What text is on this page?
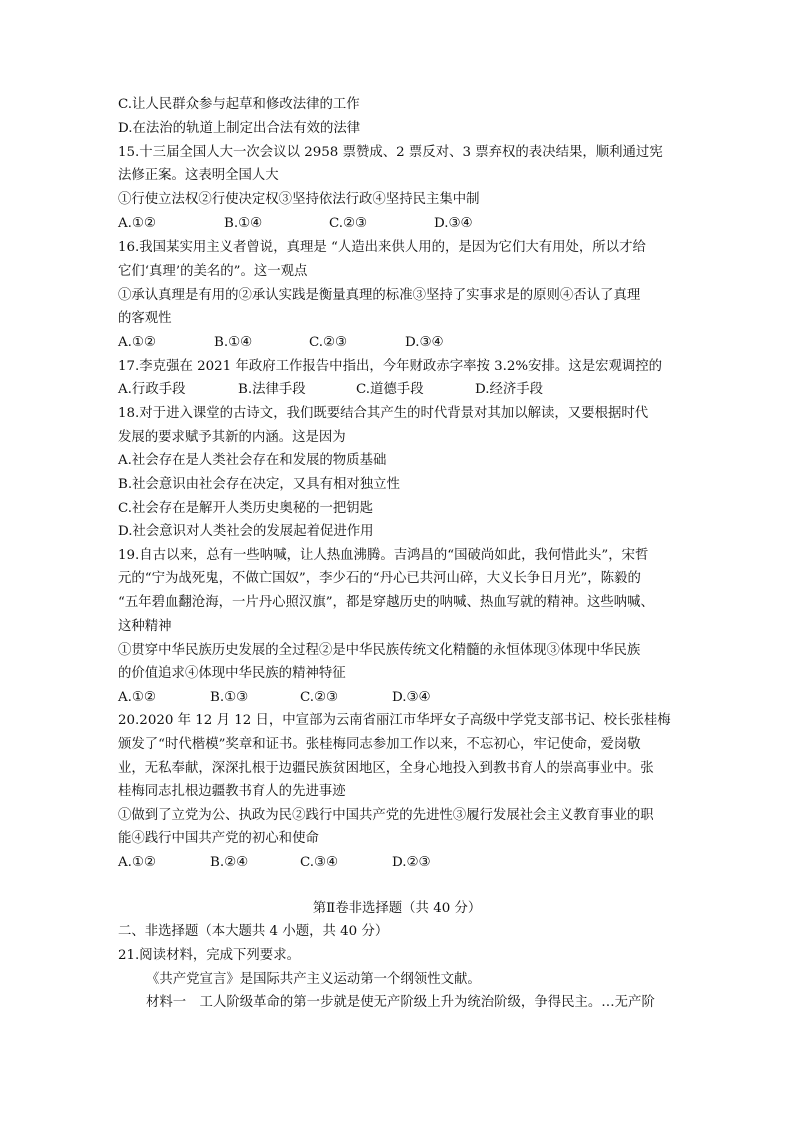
C.让人民群众参与起草和修改法律的工作
D.在法治的轨道上制定出合法有效的法律
15.十三届全国人大一次会议以 2958 票赞成、2 票反对、3 票弃权的表决结果，顺利通过宪
法修正案。这表明全国人大
①行使立法权②行使决定权③坚持依法行政④坚持民主集中制
A.①②	B.①④	C.②③	D.③④
16.我国某实用主义者曾说，真理是 “人造出来供人用的，是因为它们大有用处，所以才给
它们‘真理’的美名的”。这一观点
①承认真理是有用的②承认实践是衡量真理的标准③坚持了实事求是的原则④否认了真理
的客观性
A.①②	B.①④	C.②③	D.③④
17.李克强在 2021 年政府工作报告中指出，今年财政赤字率按 3.2%安排。这是宏观调控的
A.行政手段	B.法律手段	C.道德手段	D.经济手段
18.对于进入课堂的古诗文，我们既要结合其产生的时代背景对其加以解读，又要根据时代
发展的要求赋予其新的内涵。这是因为
A.社会存在是人类社会存在和发展的物质基础
B.社会意识由社会存在决定，又具有相对独立性
C.社会存在是解开人类历史奥秘的一把钥匙
D.社会意识对人类社会的发展起着促进作用
19.自古以来，总有一些呐喊，让人热血沸腾。吉鸿昌的“国破尚如此，我何惜此头”，宋哲
元的“宁为战死鬼，不做亡国奴”，李少石的“丹心已共河山碎，大义长争日月光”，陈毅的
“五年碧血翻沧海，一片丹心照汉旗”，都是穿越历史的呐喊、热血写就的精神。这些呐喊、
这种精神
①贯穿中华民族历史发展的全过程②是中华民族传统文化精髓的永恒体现③体现中华民族
的价值追求④体现中华民族的精神特征
A.①②	B.①③	C.②③	D.③④
20.2020 年 12 月 12 日，中宣部为云南省丽江市华坪女子高级中学党支部书记、校长张桂梅
颁发了“时代楷模”奖章和证书。张桂梅同志参加工作以来，不忘初心，牢记使命，爱岗敬
业，无私奉献，深深扎根于边疆民族贫困地区，全身心地投入到教书育人的崇高事业中。张
桂梅同志扎根边疆教书育人的先进事迹
①做到了立党为公、执政为民②践行中国共产党的先进性③履行发展社会主义教育事业的职
能④践行中国共产党的初心和使命
A.①②	B.②④	C.③④	D.②③
第Ⅱ卷非选择题（共 40 分）
二、非选择题（本大题共 4 小题，共 40 分）
21.阅读材料，完成下列要求。
《共产党宣言》是国际共产主义运动第一个纲领性文献。
材料一　工人阶级革命的第一步就是使无产阶级上升为统治阶级，争得民主。…无产阶
